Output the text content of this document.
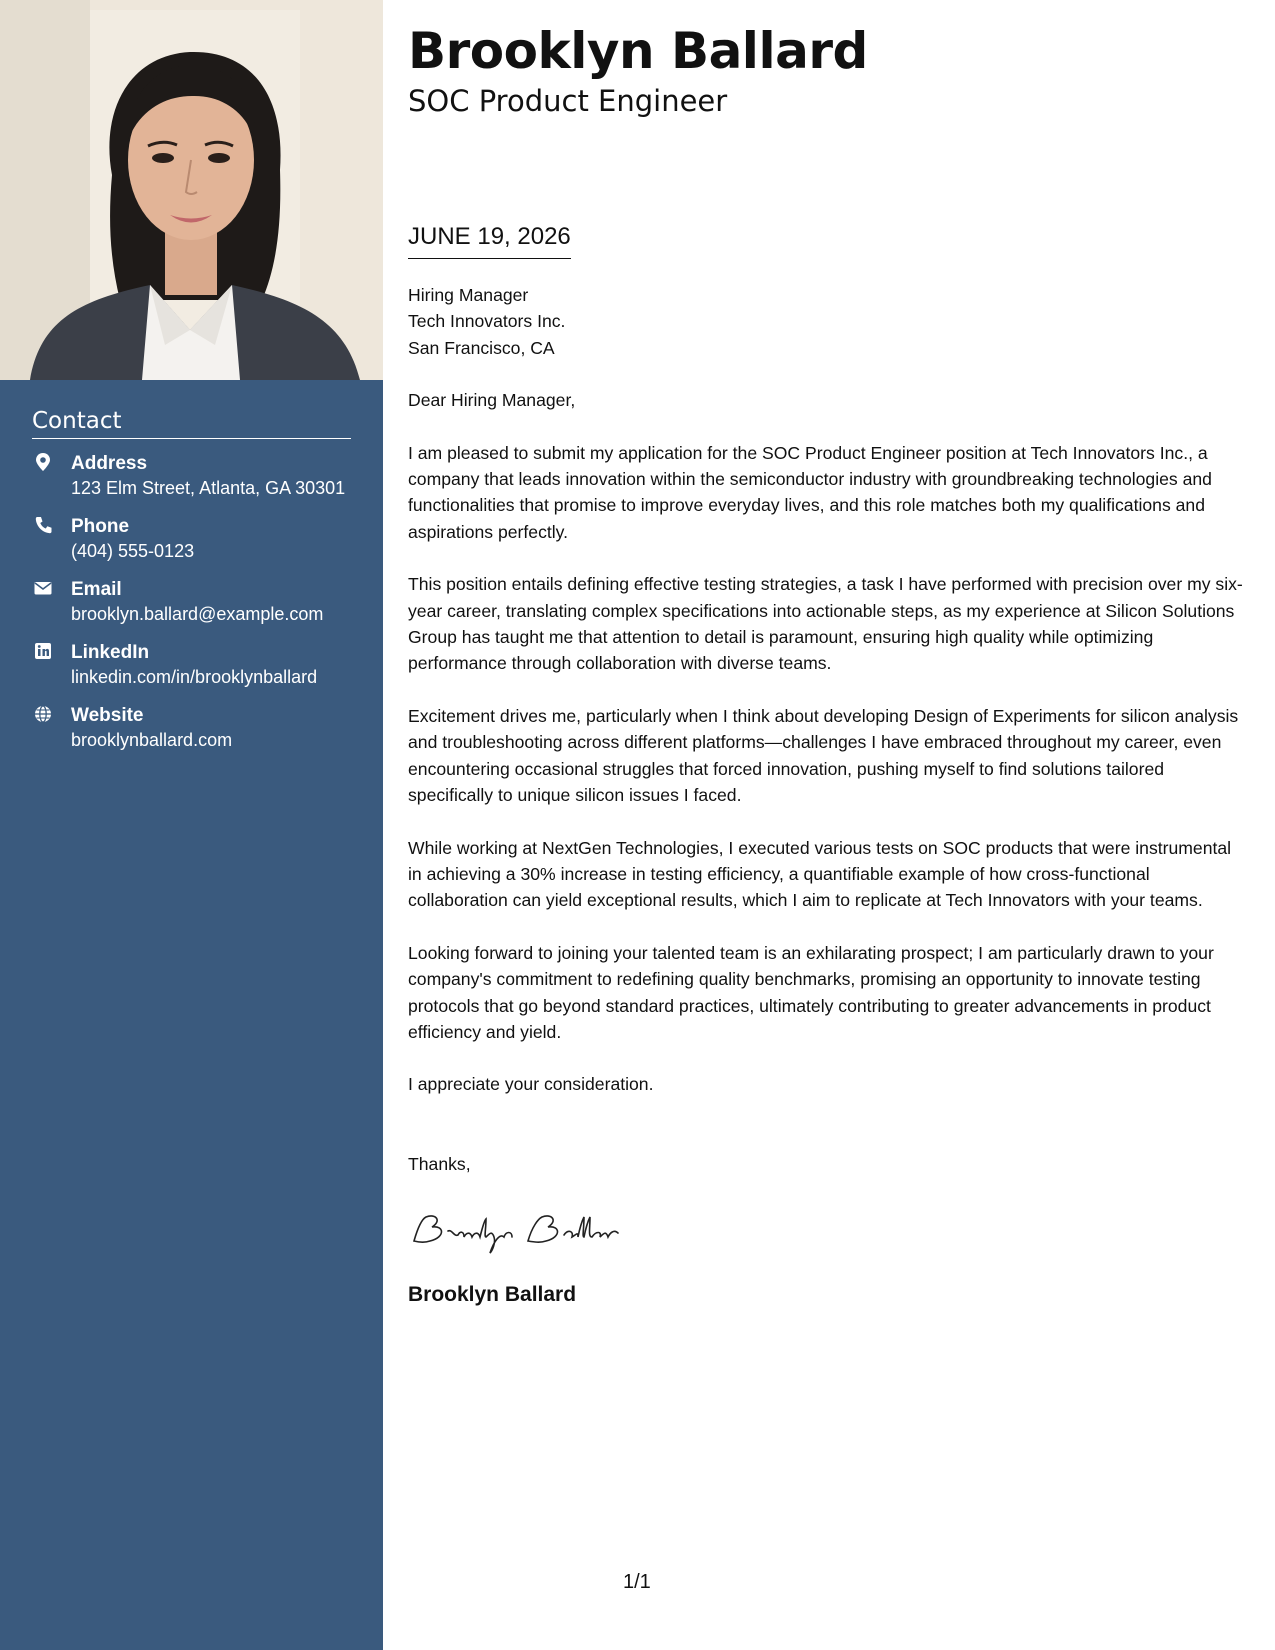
Contact
Address
123 Elm Street, Atlanta, GA 30301
Phone
(404) 555-0123
Email
brooklyn.ballard@example.com
LinkedIn
linkedin.com/in/brooklynballard
Website
brooklynballard.com
Brooklyn Ballard
SOC Product Engineer
JUNE 19, 2026
Hiring Manager
Tech Innovators Inc.
San Francisco, CA

Dear Hiring Manager,

I am pleased to submit my application for the SOC Product Engineer position at Tech Innovators Inc., a company that leads innovation within the semiconductor industry with groundbreaking technologies and functionalities that promise to improve everyday lives, and this role matches both my qualifications and aspirations perfectly.

This position entails defining effective testing strategies, a task I have performed with precision over my six-year career, translating complex specifications into actionable steps, as my experience at Silicon Solutions Group has taught me that attention to detail is paramount, ensuring high quality while optimizing performance through collaboration with diverse teams.

Excitement drives me, particularly when I think about developing Design of Experiments for silicon analysis and troubleshooting across different platforms—challenges I have embraced throughout my career, even encountering occasional struggles that forced innovation, pushing myself to find solutions tailored specifically to unique silicon issues I faced.

While working at NextGen Technologies, I executed various tests on SOC products that were instrumental in achieving a 30% increase in testing efficiency, a quantifiable example of how cross-functional collaboration can yield exceptional results, which I aim to replicate at Tech Innovators with your teams.

Looking forward to joining your talented team is an exhilarating prospect; I am particularly drawn to your company's commitment to redefining quality benchmarks, promising an opportunity to innovate testing protocols that go beyond standard practices, ultimately contributing to greater advancements in product efficiency and yield.

I appreciate your consideration.

Thanks,
Brooklyn Ballard
1/1
